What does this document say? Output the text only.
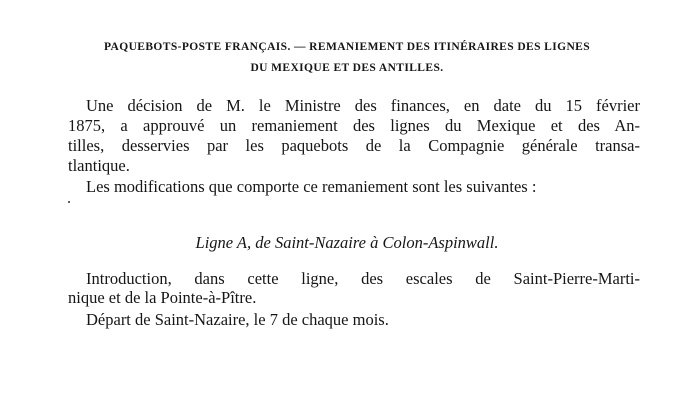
PAQUEBOTS-POSTE FRANÇAIS. — REMANIEMENT DES ITINÉRAIRES DES LIGNES
DU MEXIQUE ET DES ANTILLES.
Une décision de M. le Ministre des finances, en date du 15 février
1875, a approuvé un remaniement des lignes du Mexique et des An-
tilles, desservies par les paquebots de la Compagnie générale transa-
tlantique.
Les modifications que comporte ce remaniement sont les suivantes :
Ligne A, de Saint-Nazaire à Colon-Aspinwall.
Introduction, dans cette ligne, des escales de Saint-Pierre-Marti-
nique et de la Pointe-à-Pître.
Départ de Saint-Nazaire, le 7 de chaque mois.
